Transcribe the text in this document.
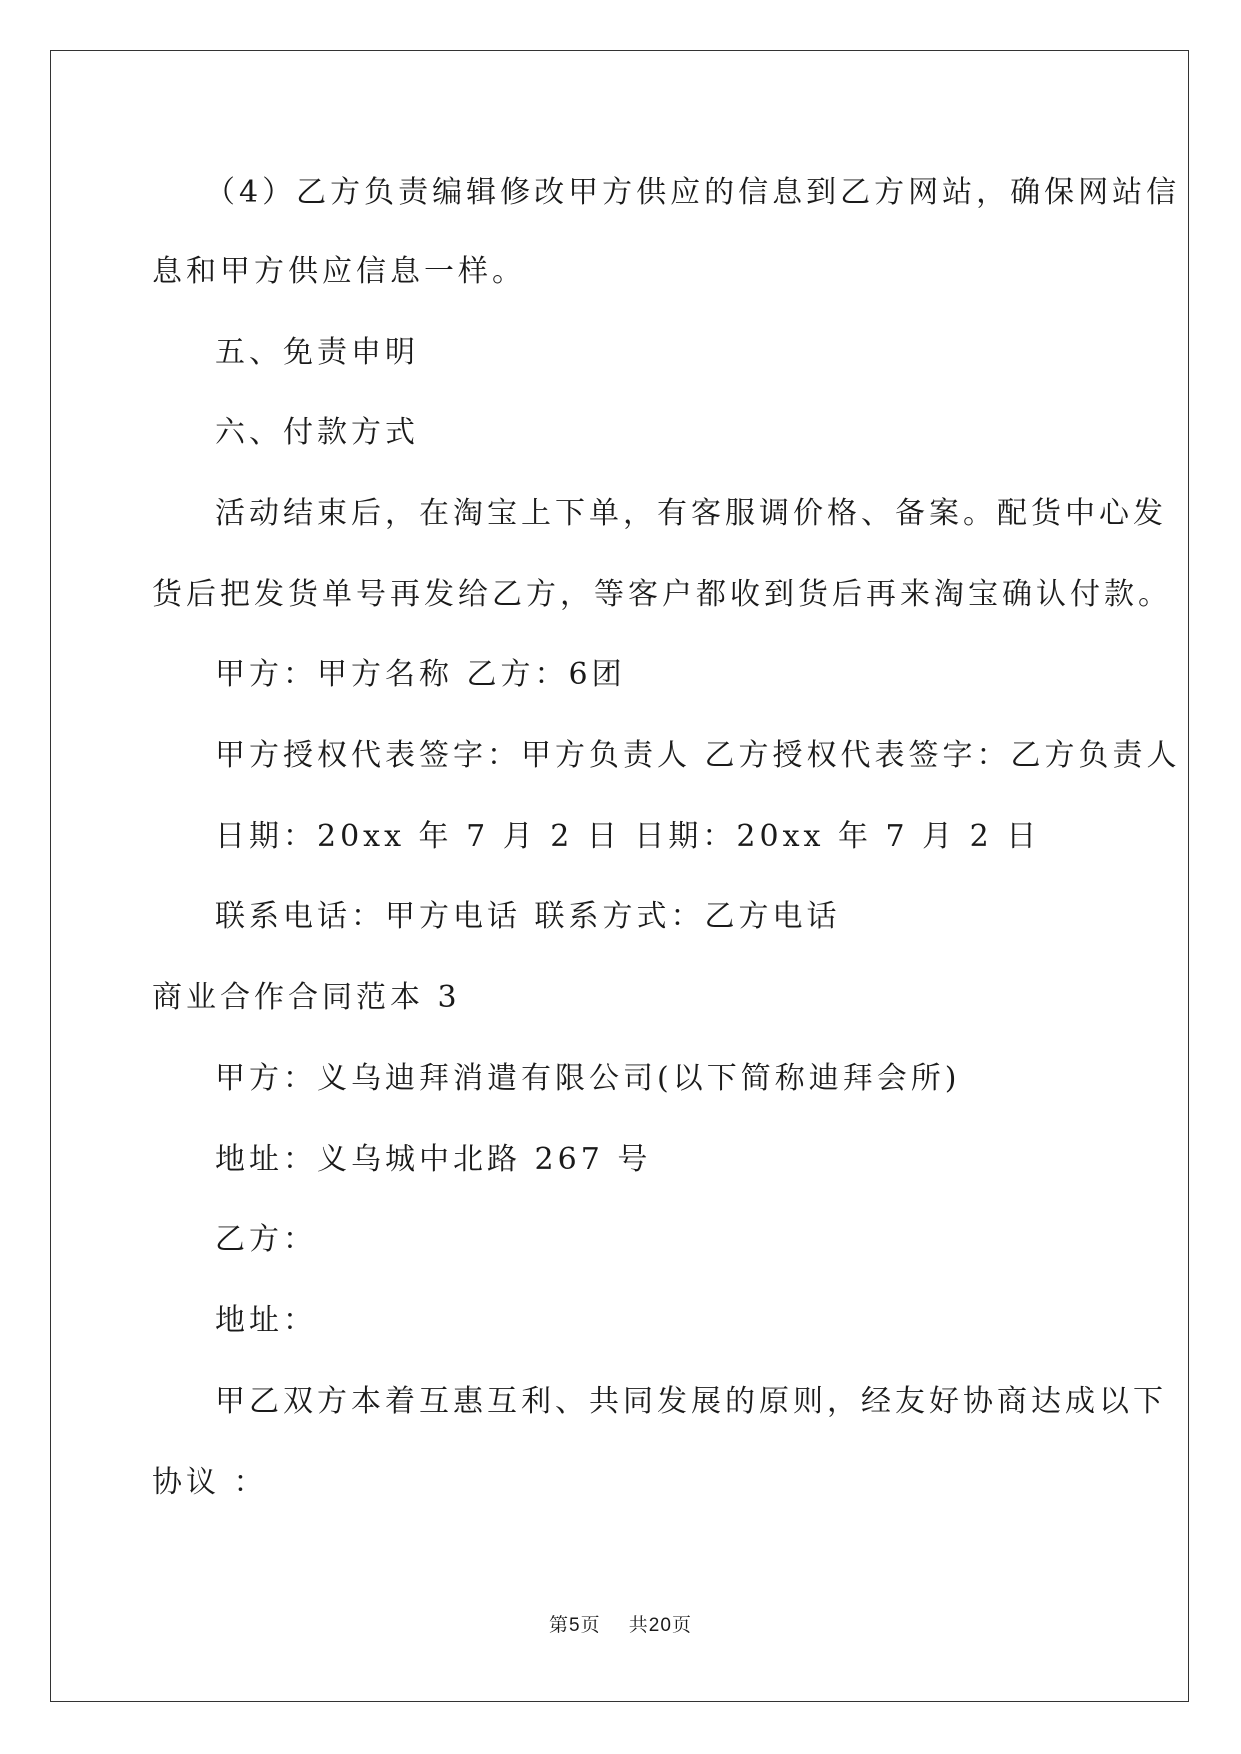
（4）乙方负责编辑修改甲方供应的信息到乙方网站，确保网站信
息和甲方供应信息一样。
五、免责申明
六、付款方式
活动结束后，在淘宝上下单，有客服调价格、备案。配货中心发
货后把发货单号再发给乙方，等客户都收到货后再来淘宝确认付款。
甲方：甲方名称 乙方：6团
甲方授权代表签字：甲方负责人 乙方授权代表签字：乙方负责人
日期：20xx 年 7 月 2 日 日期：20xx 年 7 月 2 日
联系电话：甲方电话 联系方式：乙方电话
商业合作合同范本 3
甲方：义乌迪拜消遣有限公司(以下简称迪拜会所)
地址：义乌城中北路 267 号
乙方：
地址：
甲乙双方本着互惠互利、共同发展的原则，经友好协商达成以下
协议 ：
第5页    共20页
